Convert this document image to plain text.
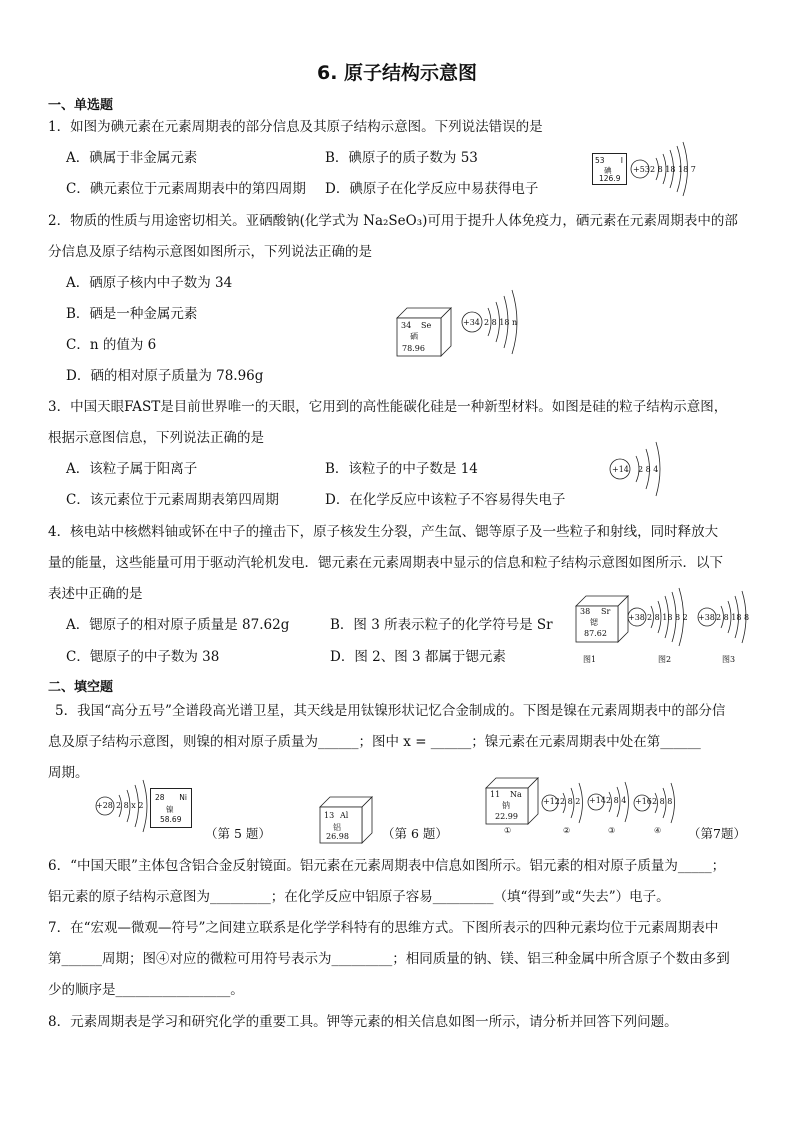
6. 原子结构示意图
一、单选题
1．如图为碘元素在元素周期表的部分信息及其原子结构示意图。下列说法错误的是
A．碘属于非金属元素	B．碘原子的质子数为 53
C．碘元素位于元素周期表中的第四周期 D．碘原子在化学反应中易获得电子
53 I
碘
126.9
+53 2 8 18 18 7
2．物质的性质与用途密切相关。亚硒酸钠(化学式为 Na₂SeO₃)可用于提升人体免疫力，硒元素在元素周期表中的部
分信息及原子结构示意图如图所示，下列说法正确的是
A．硒原子核内中子数为 34
B．硒是一种金属元素
C．n 的值为 6
D．硒的相对原子质量为 78.96g
34 Se
硒
78.96
+34 2 8 18 n
3．中国天眼FAST是目前世界唯一的天眼，它用到的高性能碳化硅是一种新型材料。如图是硅的粒子结构示意图，
根据示意图信息，下列说法正确的是
A．该粒子属于阳离子	B．该粒子的中子数是 14
C．该元素位于元素周期表第四周期	D．在化学反应中该粒子不容易得失电子
+14 2 8 4
4．核电站中核燃料铀或钚在中子的撞击下，原子核发生分裂，产生氙、锶等原子及一些粒子和射线，同时释放大
量的能量，这些能量可用于驱动汽轮机发电．锶元素在元素周期表中显示的信息和粒子结构示意图如图所示．以下
表述中正确的是
A．锶原子的相对原子质量是 87.62g	B．图 3 所表示粒子的化学符号是 Sr
C．锶原子的中子数为 38	D．图 2、图 3 都属于锶元素
38 Sr
锶
87.62
+38 2 8 18 8 2 +38 2 8 18 8
图1	图2	图3
二、填空题
5．我国“高分五号”全谱段高光谱卫星，其天线是用钛镍形状记忆合金制成的。下图是镍在元素周期表中的部分信
息及原子结构示意图，则镍的相对原子质量为______；图中 x = ______；镍元素在元素周期表中处在第______
周期。
+28 2 8 x 2
28 Ni
镍
58.69
（第 5 题）
13 Al
铝
26.98	（第 6 题）
11 Na
钠
22.99
+12 2 8 2 +14 2 8 4 +16 2 8 8
①	②	③	④ （第7题）
6．“中国天眼”主体包含铝合金反射镜面。铝元素在元素周期表中信息如图所示。铝元素的相对原子质量为_____；
铝元素的原子结构示意图为_________；在化学反应中铝原子容易_________（填“得到”或“失去”）电子。
7．在“宏观—微观—符号”之间建立联系是化学学科特有的思维方式。下图所表示的四种元素均位于元素周期表中
第______周期；图④对应的微粒可用符号表示为_________；相同质量的钠、镁、铝三种金属中所含原子个数由多到
少的顺序是_________________。
8．元素周期表是学习和研究化学的重要工具。钾等元素的相关信息如图一所示，请分析并回答下列问题。
